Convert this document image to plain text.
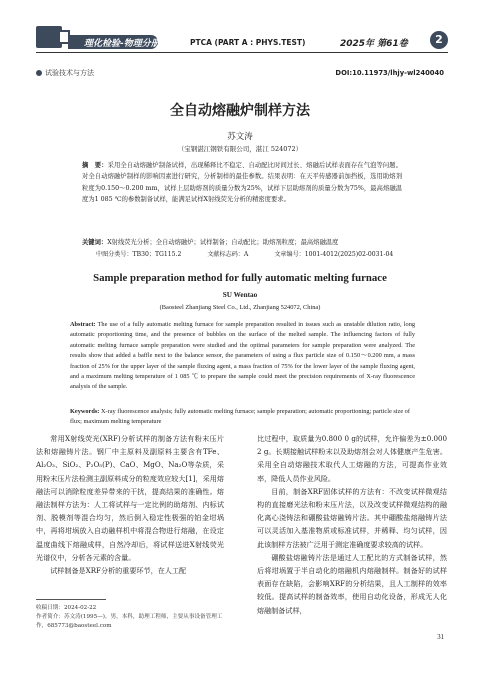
理化检验-物理分册	PTCA (PART A : PHYS.TEST)	2025年 第61卷	2
试验技术与方法	DOI:10.11973/lhjy-wl240040
全自动熔融炉制样方法
苏文涛
（宝钢湛江钢铁有限公司，湛江 524072）
摘　要：采用全自动熔融炉制备试样，出现稀释比不稳定、自动配比时间过长、熔融后试样表面存在气泡等问题。对全自动熔融炉制样的影响因素进行研究，分析制样的最佳参数。结果表明：在天平传感器前加挡板，选用助熔剂粒度为0.150～0.200 mm，试样上层助熔剂的质量分数为25%，试样下层助熔剂的质量分数为75%，最高熔融温度为1 085 ℃的参数制备试样，能满足试样X射线荧光分析的精密度要求。
关键词：X射线荧光分析；全自动熔融炉；试样制备；自动配比；助熔剂粒度；最高熔融温度
中图分类号：TB30；TG115.2	文献标志码：A	文章编号：1001-4012(2025)02-0031-04
Sample preparation method for fully automatic melting furnace
SU Wentao
(Baosteel Zhanjiang Steel Co., Ltd., Zhanjiang 524072, China)
Abstract: The use of a fully automatic melting furnace for sample preparation resulted in issues such as unstable dilution ratio, long automatic proportioning time, and the presence of bubbles on the surface of the melted sample. The influencing factors of fully automatic melting furnace sample preparation were studied and the optimal parameters for sample preparation were analyzed. The results show that added a baffle next to the balance sensor, the parameters of using a flux particle size of 0.150～0.200 mm, a mass fraction of 25% for the upper layer of the sample fluxing agent, a mass fraction of 75% for the lower layer of the sample fluxing agent, and a maximum melting temperature of 1 085 ℃ to prepare the sample could meet the precision requirements of X-ray fluorescence analysis of the sample.
Keywords: X-ray fluorescence analysis; fully automatic melting furnace; sample preparation; automatic proportioning; particle size of flux; maximum melting temperature

常用X射线荧光(XRF)分析试样的制备方法有粉末压片法和熔融铸片法。钢厂中主原料及副原料主要含有TFe、Al₂O₃、SiO₂、P₂O₅(P)、CaO、MgO、Na₂O等杂质，采用粉末压片法检测主副原料成分的粒度效应较大[1]，采用熔融法可以消除粒度差异带来的干扰，提高结果的准确性。熔融法制样方法为：人工将试样与一定比例的助熔剂、内标试剂、脱模剂等混合均匀，然后倒入稳定性极强的铂金坩埚中，再将坩埚放入自动融样机中将混合物进行熔融，在设定温度曲线下熔融成样，自然冷却后，将试样送进X射线荧光光谱仪中，分析各元素的含量。

试样制备是XRF分析的重要环节，在人工配

比过程中，取质量为0.800 0 g的试样，允许偏差为±0.000 2 g。长期接触试样粉末以及助熔剂会对人体健康产生危害。采用全自动熔融技术取代人工熔融的方法，可提高作业效率，降低人员作业风险。

目前，制备XRF固体试样的方法有：不改变试样微观结构的直接磨光法和粉末压片法，以及改变试样微观结构的融化离心浇铸法和硼酸盐熔融铸片法。其中硼酸盐熔融铸片法可以灵活加入基准物质或标准试样，并稀释、均匀试样，因此该制样方法被广泛用于测定准确度要求较高的试样。

硼酸盐熔融铸片法是通过人工配比的方式制备试样，然后将坩埚置于半自动化的熔融机内熔融制样。制备好的试样表面存在缺陷，会影响XRF的分析结果，且人工制样的效率较低。提高试样的制备效率，使用自动化设备，形成无人化熔融制备试样，

收稿日期：2024-02-22
作者简介：苏文涛(1995—)，男，本科，助理工程师，主要从事设备管理工作，685773@baosteel.com
31
